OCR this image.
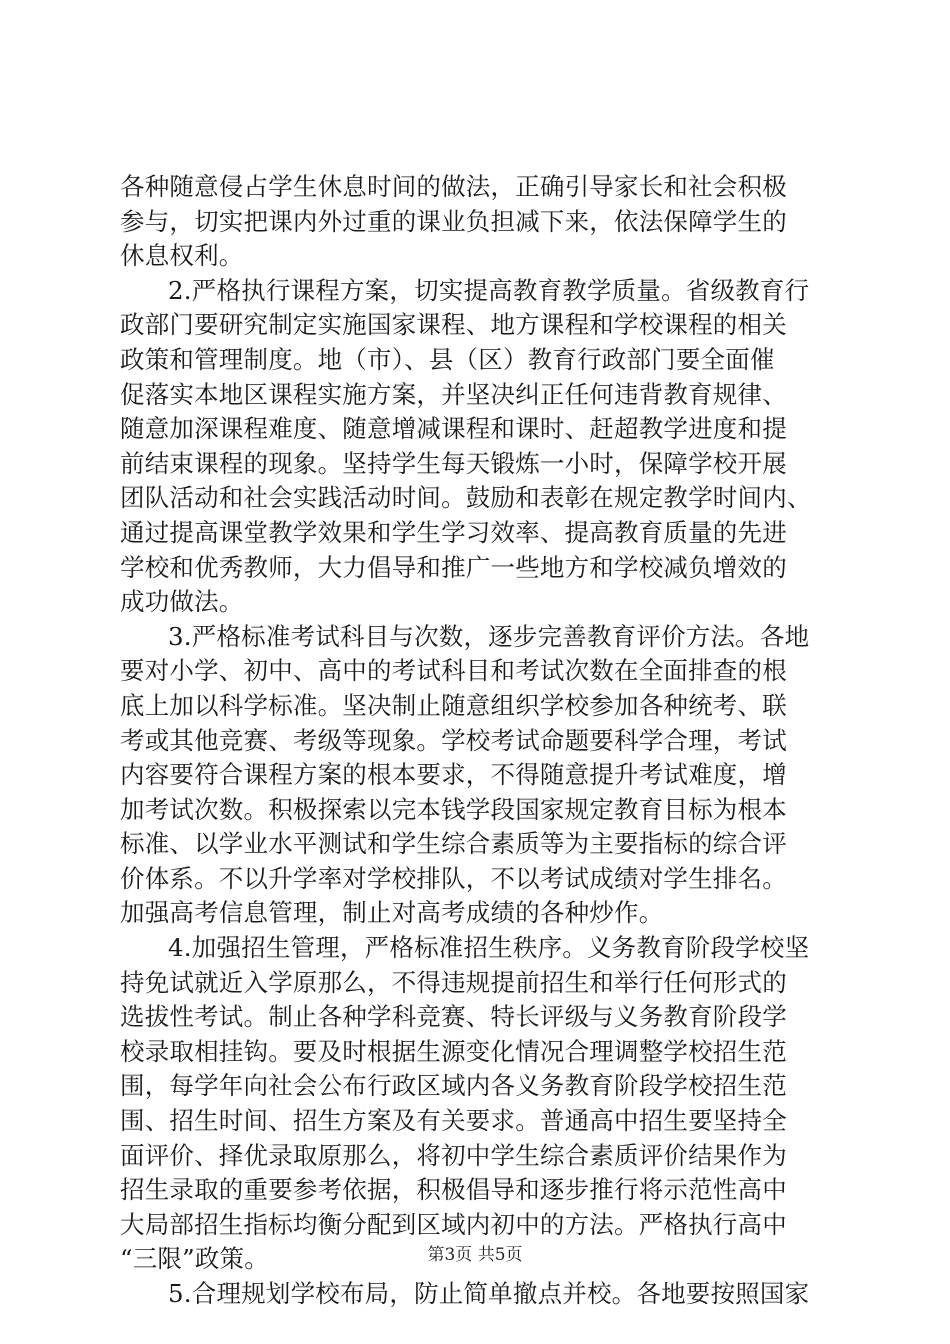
各种随意侵占学生休息时间的做法，正确引导家长和社会积极
参与，切实把课内外过重的课业负担减下来，依法保障学生的
休息权利。
2.严格执行课程方案，切实提高教育教学质量。省级教育行
政部门要研究制定实施国家课程、地方课程和学校课程的相关
政策和管理制度。地（市）、县（区）教育行政部门要全面催
促落实本地区课程实施方案，并坚决纠正任何违背教育规律、
随意加深课程难度、随意增减课程和课时、赶超教学进度和提
前结束课程的现象。坚持学生每天锻炼一小时，保障学校开展
团队活动和社会实践活动时间。鼓励和表彰在规定教学时间内、
通过提高课堂教学效果和学生学习效率、提高教育质量的先进
学校和优秀教师，大力倡导和推广一些地方和学校减负增效的
成功做法。
3.严格标准考试科目与次数，逐步完善教育评价方法。各地
要对小学、初中、高中的考试科目和考试次数在全面排查的根
底上加以科学标准。坚决制止随意组织学校参加各种统考、联
考或其他竞赛、考级等现象。学校考试命题要科学合理，考试
内容要符合课程方案的根本要求，不得随意提升考试难度，增
加考试次数。积极探索以完本钱学段国家规定教育目标为根本
标准、以学业水平测试和学生综合素质等为主要指标的综合评
价体系。不以升学率对学校排队，不以考试成绩对学生排名。
加强高考信息管理，制止对高考成绩的各种炒作。
4.加强招生管理，严格标准招生秩序。义务教育阶段学校坚
持免试就近入学原那么，不得违规提前招生和举行任何形式的
选拔性考试。制止各种学科竞赛、特长评级与义务教育阶段学
校录取相挂钩。要及时根据生源变化情况合理调整学校招生范
围，每学年向社会公布行政区域内各义务教育阶段学校招生范
围、招生时间、招生方案及有关要求。普通高中招生要坚持全
面评价、择优录取原那么，将初中学生综合素质评价结果作为
招生录取的重要参考依据，积极倡导和逐步推行将示范性高中
大局部招生指标均衡分配到区域内初中的方法。严格执行高中
“三限”政策。
5.合理规划学校布局，防止简单撤点并校。各地要按照国家
第3页 共5页
